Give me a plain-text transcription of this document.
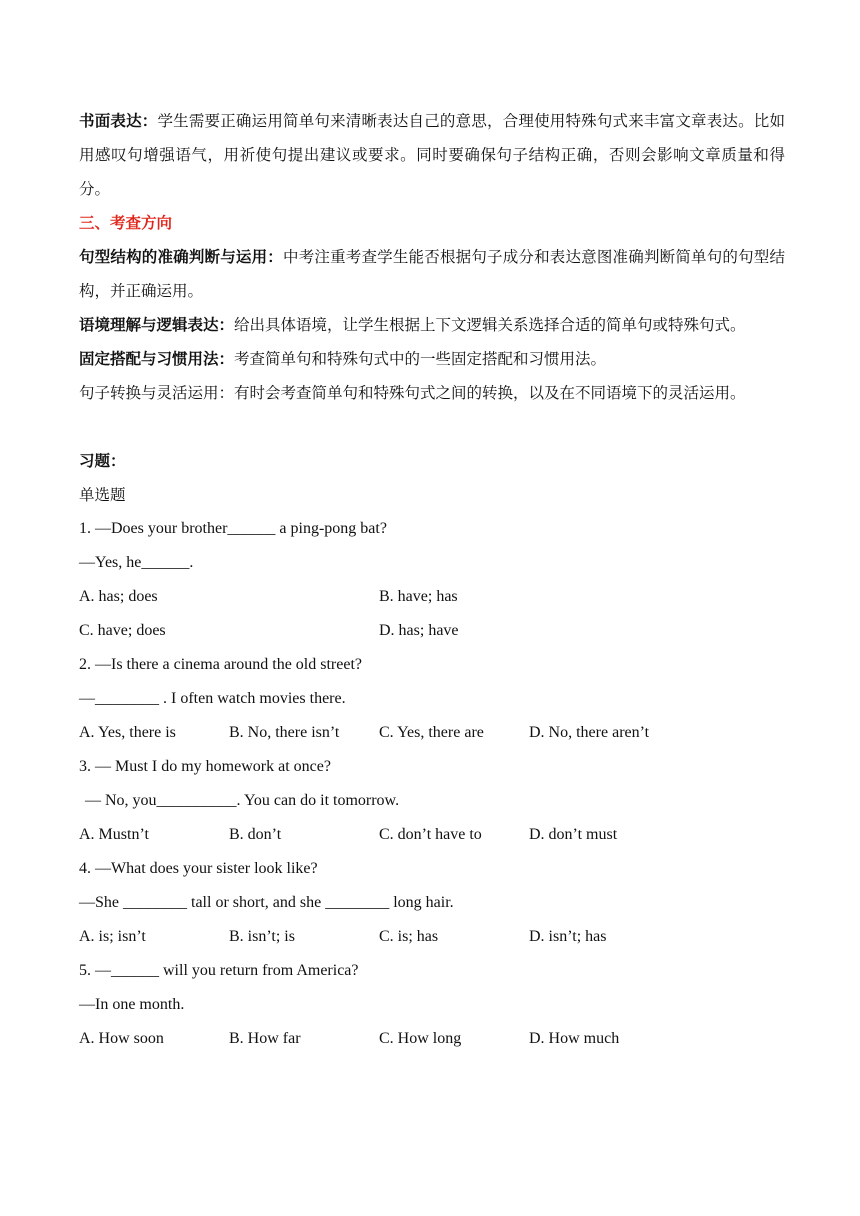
书面表达：学生需要正确运用简单句来清晰表达自己的意思，合理使用特殊句式来丰富文章表达。比如用感叹句增强语气，用祈使句提出建议或要求。同时要确保句子结构正确，否则会影响文章质量和得分。

三、考查方向

句型结构的准确判断与运用：中考注重考查学生能否根据句子成分和表达意图准确判断简单句的句型结构，并正确运用。

语境理解与逻辑表达：给出具体语境，让学生根据上下文逻辑关系选择合适的简单句或特殊句式。

固定搭配与习惯用法：考查简单句和特殊句式中的一些固定搭配和习惯用法。

句子转换与灵活运用：有时会考查简单句和特殊句式之间的转换，以及在不同语境下的灵活运用。

习题：

单选题

1. —Does your brother______ a ping-pong bat?

—Yes, he______.

A. has; does	B. have; has
C. have; does	D. has; have

2. —Is there a cinema around the old street?

—________ . I often watch movies there.

A. Yes, there is	B. No, there isn’t	C. Yes, there are	D. No, there aren’t

3. — Must I do my homework at once?

— No, you__________. You can do it tomorrow.

A. Mustn’t	B. don’t	C. don’t have to	D. don’t must

4. —What does your sister look like?

—She ________ tall or short, and she ________ long hair.

A. is; isn’t	B. isn’t; is	C. is; has	D. isn’t; has

5. —______ will you return from America?

—In one month.

A. How soon	B. How far	C. How long	D. How much
